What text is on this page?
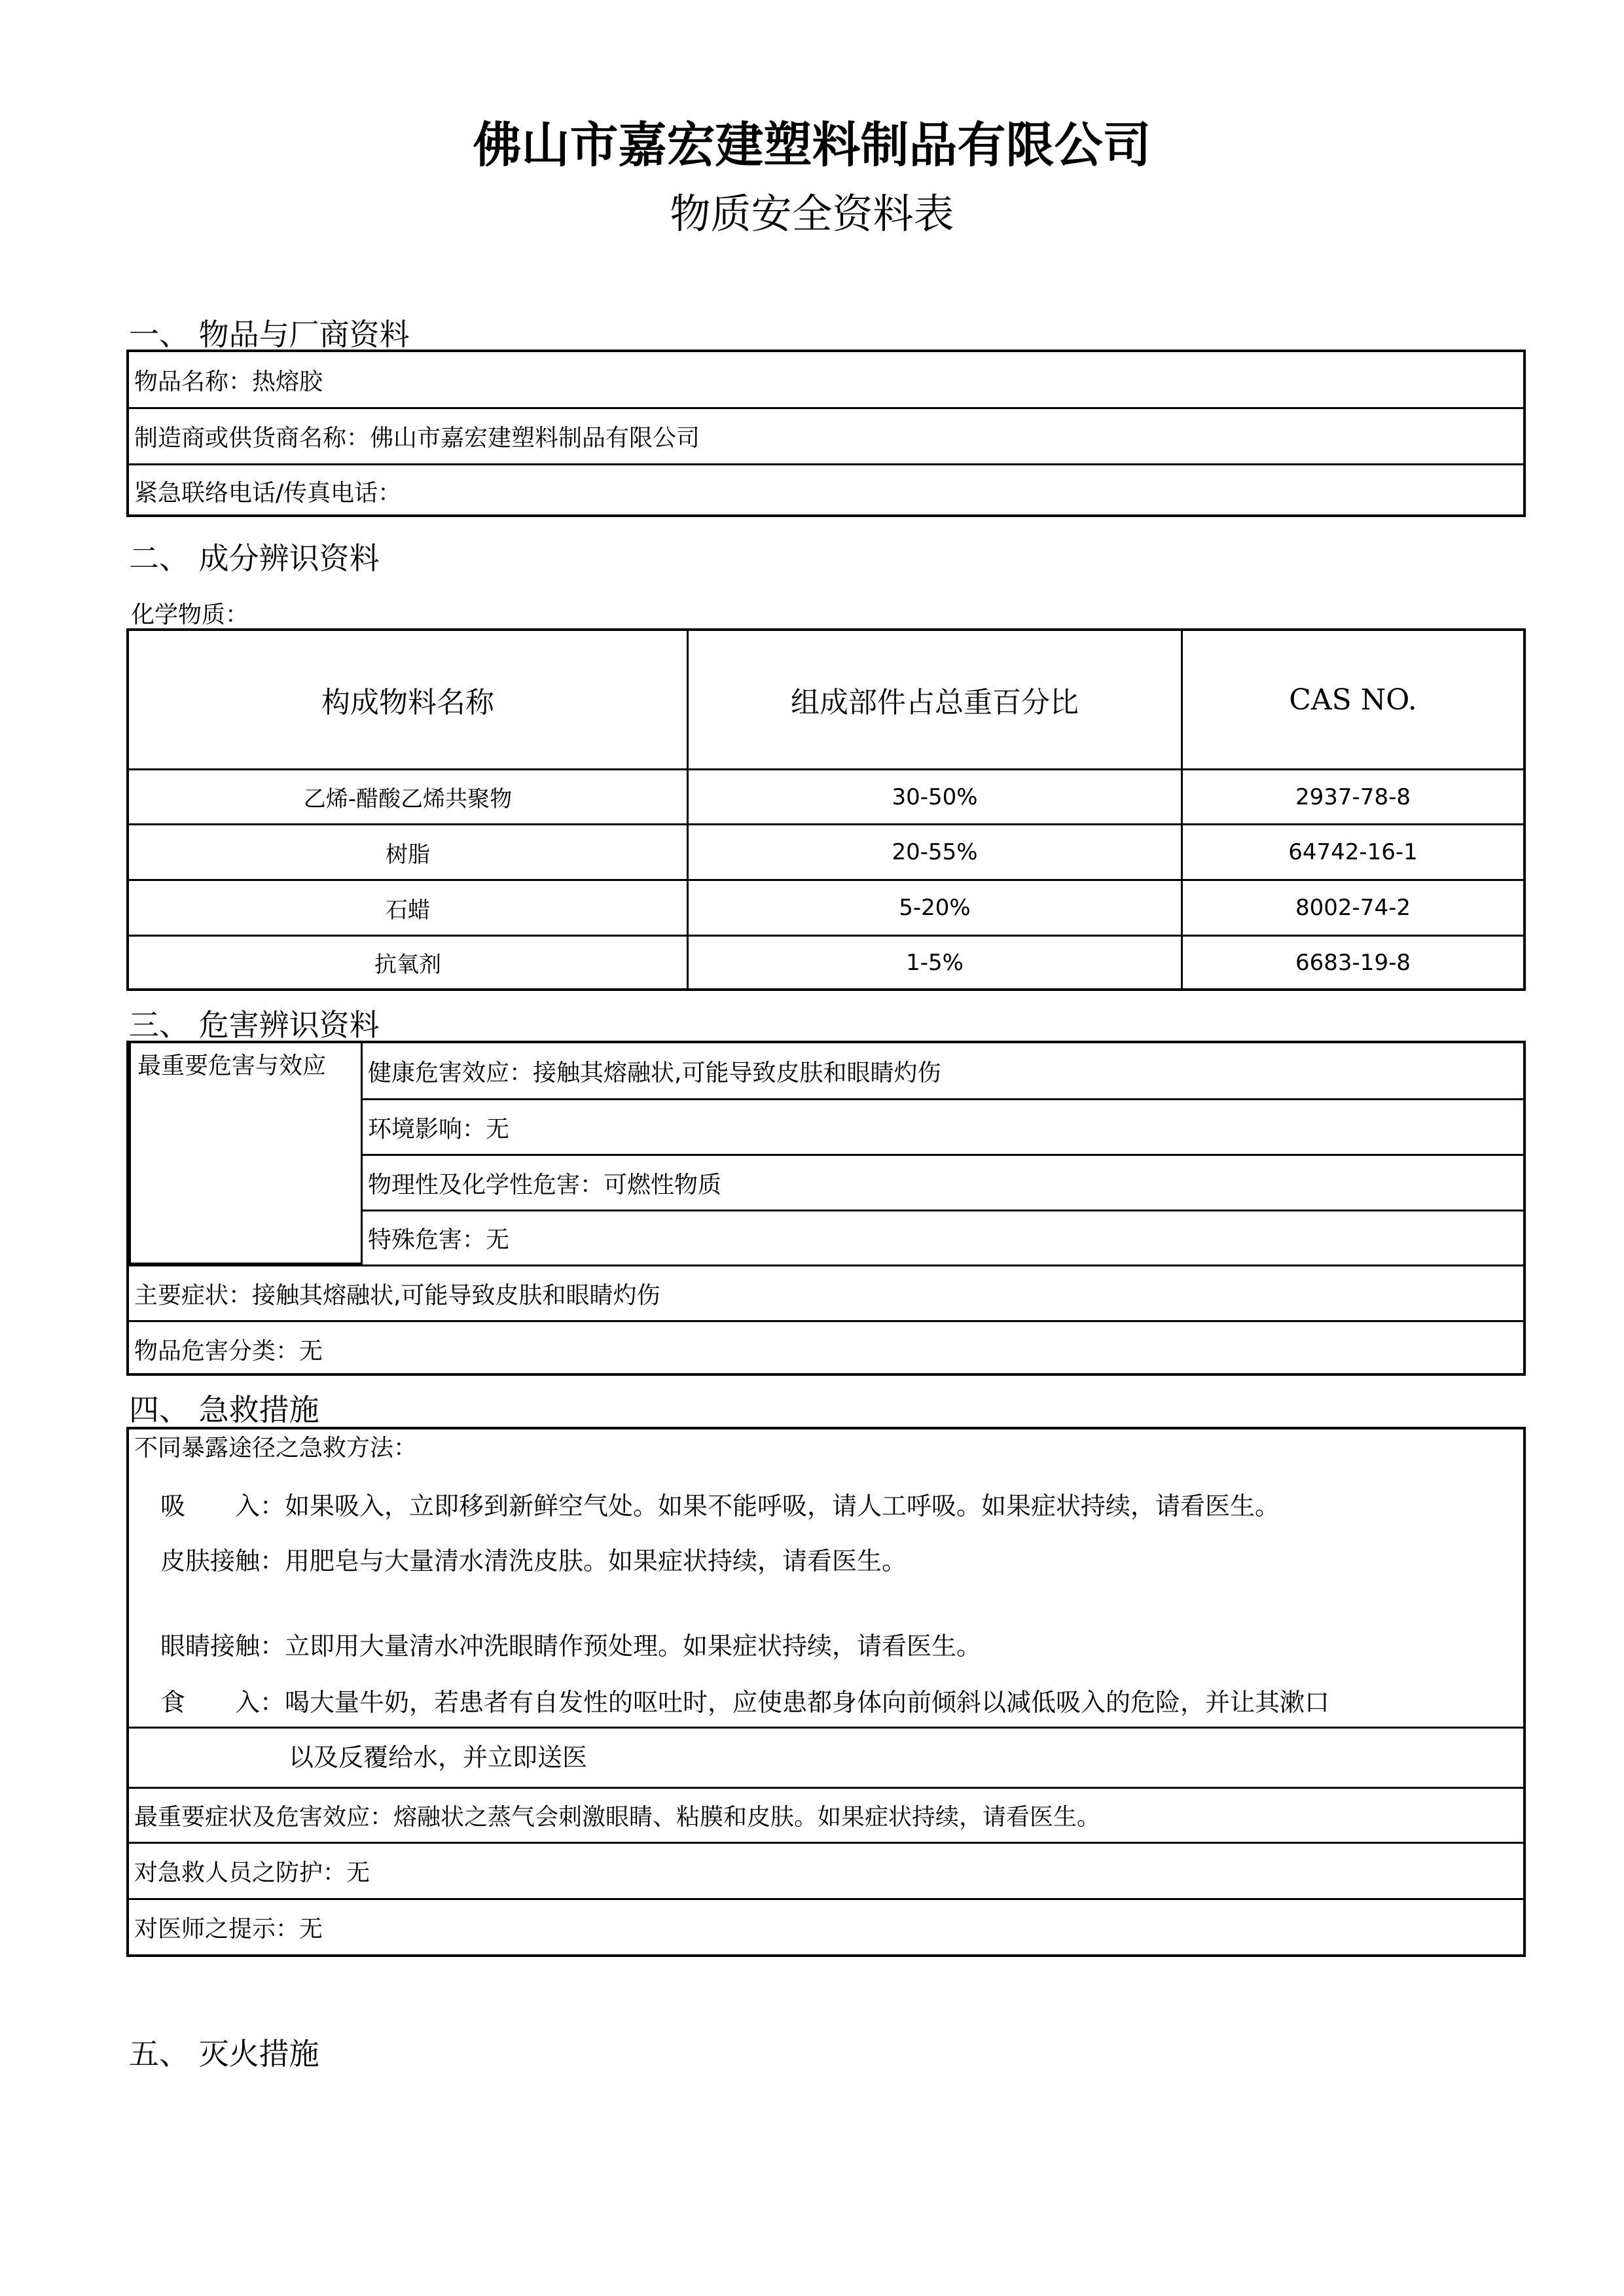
佛山市嘉宏建塑料制品有限公司
物质安全资料表
一、 物品与厂商资料
物品名称：热熔胶
制造商或供货商名称：佛山市嘉宏建塑料制品有限公司
紧急联络电话/传真电话：
二、 成分辨识资料
化学物质：
构成物料名称	组成部件占总重百分比	CAS NO.
乙烯-醋酸乙烯共聚物	30-50%	2937-78-8
树脂	20-55%	64742-16-1
石蜡	5-20%	8002-74-2
抗氧剂	1-5%	6683-19-8
三、 危害辨识资料
最重要危害与效应 健康危害效应：接触其熔融状,可能导致皮肤和眼睛灼伤
环境影响：无
物理性及化学性危害：可燃性物质
特殊危害：无
主要症状：接触其熔融状,可能导致皮肤和眼睛灼伤
物品危害分类：无
四、 急救措施
不同暴露途径之急救方法：
吸　　入：如果吸入，立即移到新鲜空气处。如果不能呼吸，请人工呼吸。如果症状持续，请看医生。
皮肤接触：用肥皂与大量清水清洗皮肤。如果症状持续，请看医生。
眼睛接触：立即用大量清水冲洗眼睛作预处理。如果症状持续，请看医生。
食　　入：喝大量牛奶，若患者有自发性的呕吐时，应使患都身体向前倾斜以减低吸入的危险，并让其漱口
以及反覆给水，并立即送医
最重要症状及危害效应：熔融状之蒸气会刺激眼睛、粘膜和皮肤。如果症状持续，请看医生。
对急救人员之防护：无
对医师之提示：无
五、 灭火措施
